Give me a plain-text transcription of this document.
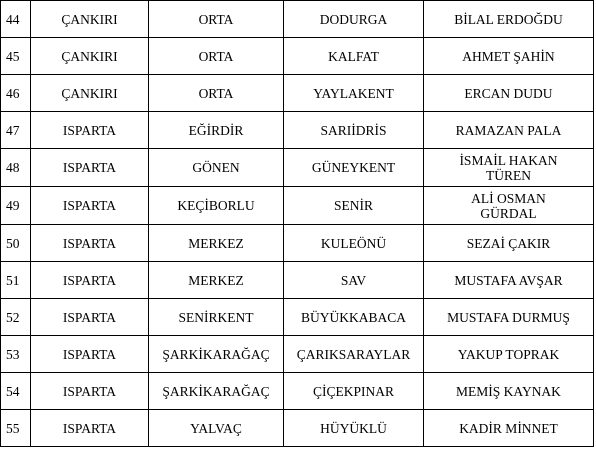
44	ÇANKIRI	ORTA	DODURGA	BİLAL ERDOĞDU
45	ÇANKIRI	ORTA	KALFAT	AHMET ŞAHİN
46	ÇANKIRI	ORTA	YAYLAKENT	ERCAN DUDU
47	ISPARTA	EĞİRDİR	SARIİDRİS	RAMAZAN PALA
48	ISPARTA	GÖNEN	GÜNEYKENT	İSMAİL HAKAN
TÜREN
49	ISPARTA	KEÇİBORLU	SENİR	ALİ OSMAN
GÜRDAL
50	ISPARTA	MERKEZ	KULEÖNÜ	SEZAİ ÇAKIR
51	ISPARTA	MERKEZ	SAV	MUSTAFA AVŞAR
52	ISPARTA	SENİRKENT	BÜYÜKKABACA	MUSTAFA DURMUŞ
53	ISPARTA	ŞARKİKARAĞAÇ	ÇARIKSARAYLAR	YAKUP TOPRAK
54	ISPARTA	ŞARKİKARAĞAÇ	ÇİÇEKPINAR	MEMİŞ KAYNAK
55	ISPARTA	YALVAÇ	HÜYÜKLÜ	KADİR MİNNET
